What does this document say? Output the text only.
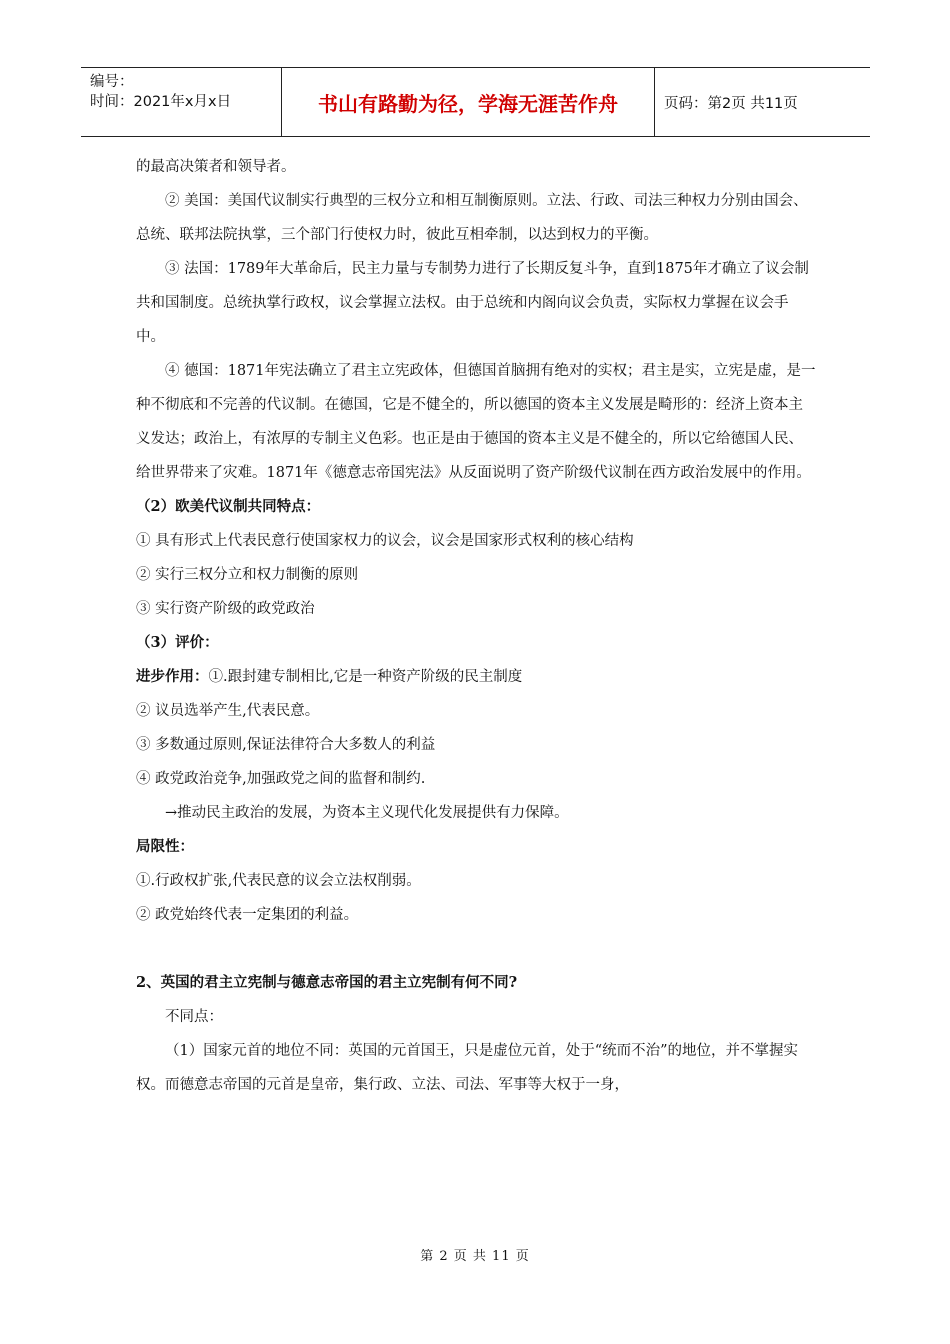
编号：
时间：2021年x月x日	书山有路勤为径，学海无涯苦作舟	页码：第2页 共11页

的最高决策者和领导者。

② 美国：美国代议制实行典型的三权分立和相互制衡原则。立法、行政、司法三种权力分别由国会、总统、联邦法院执掌，三个部门行使权力时，彼此互相牵制，以达到权力的平衡。

③ 法国：1789年大革命后，民主力量与专制势力进行了长期反复斗争，直到1875年才确立了议会制共和国制度。总统执掌行政权，议会掌握立法权。由于总统和内阁向议会负责，实际权力掌握在议会手中。

④ 德国：1871年宪法确立了君主立宪政体，但德国首脑拥有绝对的实权；君主是实，立宪是虚，是一种不彻底和不完善的代议制。在德国，它是不健全的，所以德国的资本主义发展是畸形的：经济上资本主义发达；政治上，有浓厚的专制主义色彩。也正是由于德国的资本主义是不健全的，所以它给德国人民、给世界带来了灾难。1871年《德意志帝国宪法》从反面说明了资产阶级代议制在西方政治发展中的作用。

（2）欧美代议制共同特点：

① 具有形式上代表民意行使国家权力的议会，议会是国家形式权利的核心结构

② 实行三权分立和权力制衡的原则

③ 实行资产阶级的政党政治

（3）评价：

进步作用：①.跟封建专制相比,它是一种资产阶级的民主制度

② 议员选举产生,代表民意。

③ 多数通过原则,保证法律符合大多数人的利益

④ 政党政治竞争,加强政党之间的监督和制约.

→推动民主政治的发展，为资本主义现代化发展提供有力保障。

局限性：

①.行政权扩张,代表民意的议会立法权削弱。

② 政党始终代表一定集团的利益。

2、英国的君主立宪制与德意志帝国的君主立宪制有何不同?

不同点：

（1）国家元首的地位不同：英国的元首国王，只是虚位元首，处于“统而不治”的地位，并不掌握实权。而德意志帝国的元首是皇帝，集行政、立法、司法、军事等大权于一身，

第 2 页 共 11 页
